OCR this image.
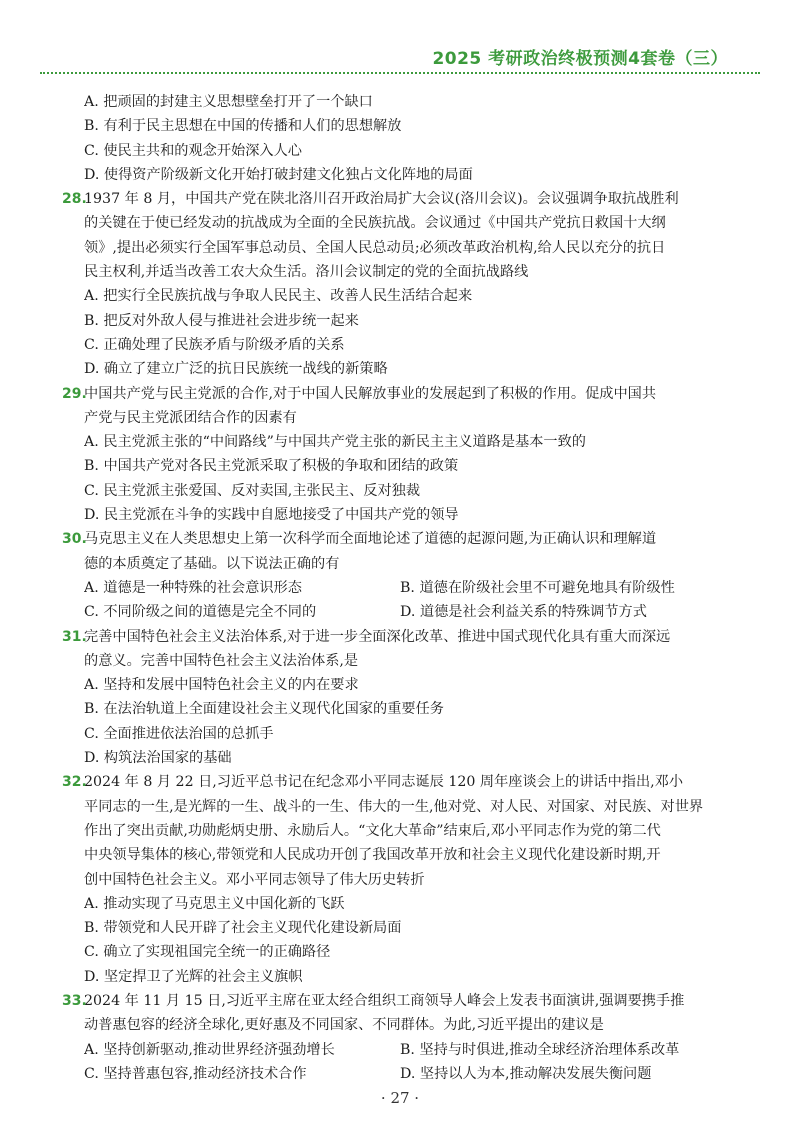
2025 考研政治终极预测4套卷（三）
A. 把顽固的封建主义思想壁垒打开了一个缺口
B. 有利于民主思想在中国的传播和人们的思想解放
C. 使民主共和的观念开始深入人心
D. 使得资产阶级新文化开始打破封建文化独占文化阵地的局面
28.
1937 年 8 月，中国共产党在陕北洛川召开政治局扩大会议(洛川会议)。会议强调争取抗战胜利
的关键在于使已经发动的抗战成为全面的全民族抗战。会议通过《中国共产党抗日救国十大纲
领》,提出必须实行全国军事总动员、全国人民总动员;必须改革政治机构,给人民以充分的抗日
民主权利,并适当改善工农大众生活。洛川会议制定的党的全面抗战路线
A. 把实行全民族抗战与争取人民民主、改善人民生活结合起来
B. 把反对外敌人侵与推进社会进步统一起来
C. 正确处理了民族矛盾与阶级矛盾的关系
D. 确立了建立广泛的抗日民族统一战线的新策略
29.
中国共产党与民主党派的合作,对于中国人民解放事业的发展起到了积极的作用。促成中国共
产党与民主党派团结合作的因素有
A. 民主党派主张的“中间路线”与中国共产党主张的新民主主义道路是基本一致的
B. 中国共产党对各民主党派采取了积极的争取和团结的政策
C. 民主党派主张爱国、反对卖国,主张民主、反对独裁
D. 民主党派在斗争的实践中自愿地接受了中国共产党的领导
30.
马克思主义在人类思想史上第一次科学而全面地论述了道德的起源问题,为正确认识和理解道
德的本质奠定了基础。以下说法正确的有
A. 道德是一种特殊的社会意识形态	B. 道德在阶级社会里不可避免地具有阶级性
C. 不同阶级之间的道德是完全不同的	D. 道德是社会利益关系的特殊调节方式
31.
完善中国特色社会主义法治体系,对于进一步全面深化改革、推进中国式现代化具有重大而深远
的意义。完善中国特色社会主义法治体系,是
A. 坚持和发展中国特色社会主义的内在要求
B. 在法治轨道上全面建设社会主义现代化国家的重要任务
C. 全面推进依法治国的总抓手
D. 构筑法治国家的基础
32.
2024 年 8 月 22 日,习近平总书记在纪念邓小平同志诞辰 120 周年座谈会上的讲话中指出,邓小
平同志的一生,是光辉的一生、战斗的一生、伟大的一生,他对党、对人民、对国家、对民族、对世界
作出了突出贡献,功勋彪炳史册、永励后人。“文化大革命”结束后,邓小平同志作为党的第二代
中央领导集体的核心,带领党和人民成功开创了我国改革开放和社会主义现代化建设新时期,开
创中国特色社会主义。邓小平同志领导了伟大历史转折
A. 推动实现了马克思主义中国化新的飞跃
B. 带领党和人民开辟了社会主义现代化建设新局面
C. 确立了实现祖国完全统一的正确路径
D. 坚定捍卫了光辉的社会主义旗帜
33.
2024 年 11 月 15 日,习近平主席在亚太经合组织工商领导人峰会上发表书面演讲,强调要携手推
动普惠包容的经济全球化,更好惠及不同国家、不同群体。为此,习近平提出的建议是
A. 坚持创新驱动,推动世界经济强劲增长	B. 坚持与时俱进,推动全球经济治理体系改革
C. 坚持普惠包容,推动经济技术合作	D. 坚持以人为本,推动解决发展失衡问题
· 27 ·
